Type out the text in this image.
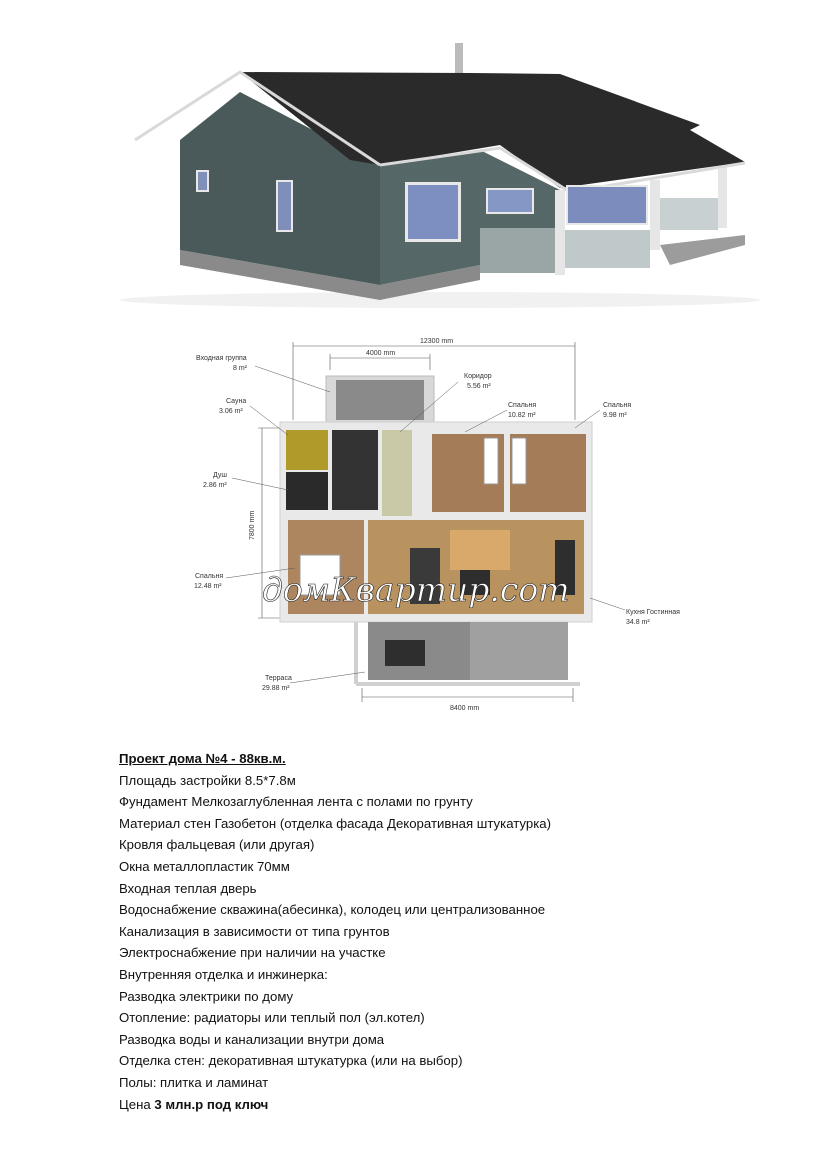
12300 mm
4000 mm
7800 mm
8400 mm
Входная группа
8 m²
Сауна
3.06 m²
Душ
2.86 m²
Спальня
12.48 m²
Терраса
29.88 m²
Коридор
5.56 m²
Спальня
10.82 m²
Спальня
9.98 m²
Кухня Гостинная
34.8 m²
домКвартир.com
Проект дома №4 - 88кв.м.
Площадь застройки 8.5*7.8м
Фундамент Мелкозаглубленная лента с полами по грунту
Материал стен Газобетон (отделка фасада Декоративная штукатурка)
Кровля фальцевая (или другая)
Окна металлопластик 70мм
Входная теплая дверь
Водоснабжение скважина(абесинка), колодец или централизованное
Канализация в зависимости от типа грунтов
Электроснабжение при наличии на участке
Внутренняя отделка и инжинерка:
Разводка электрики по дому
Отопление: радиаторы или теплый пол (эл.котел)
Разводка воды и канализации внутри дома
Отделка стен: декоративная штукатурка (или на выбор)
Полы: плитка и ламинат
Цена 3 млн.р под ключ
